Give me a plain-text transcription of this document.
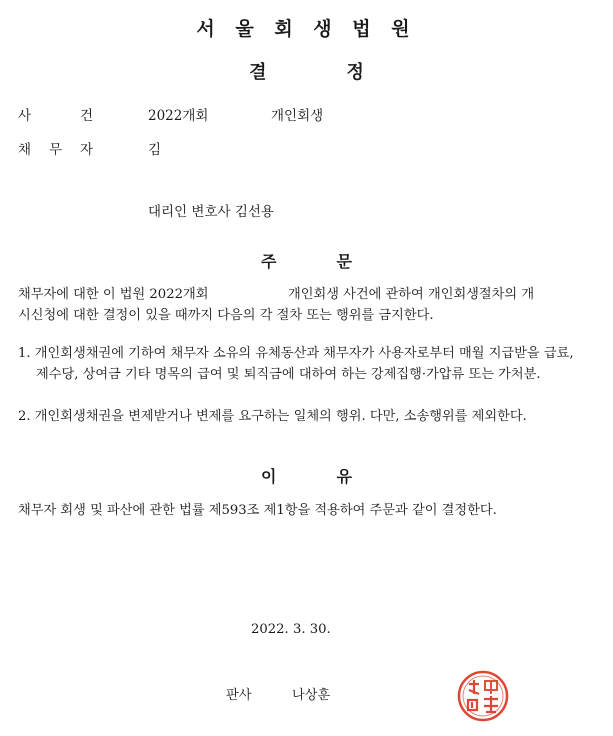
서 울 회 생 법 원
결	정
사	건	2022개회	개인회생
채 무 자	김
대리인 변호사 김선용
주	문
채무자에 대한 이 법원 2022개회	개인회생 사건에 관하여 개인회생절차의 개
시신청에 대한 결정이 있을 때까지 다음의 각 절차 또는 행위를 금지한다.
1. 개인회생채권에 기하여 채무자 소유의 유체동산과 채무자가 사용자로부터 매월 지급받을 급료, 제수당, 상여금 기타 명목의 급여 및 퇴직금에 대하여 하는 강제집행·가압류 또는 가처분.
2. 개인회생채권을 변제받거나 변제를 요구하는 일체의 행위. 다만, 소송행위를 제외한다.
이	유
채무자 회생 및 파산에 관한 법률 제593조 제1항을 적용하여 주문과 같이 결정한다.
2022. 3. 30.
판사	나상훈
